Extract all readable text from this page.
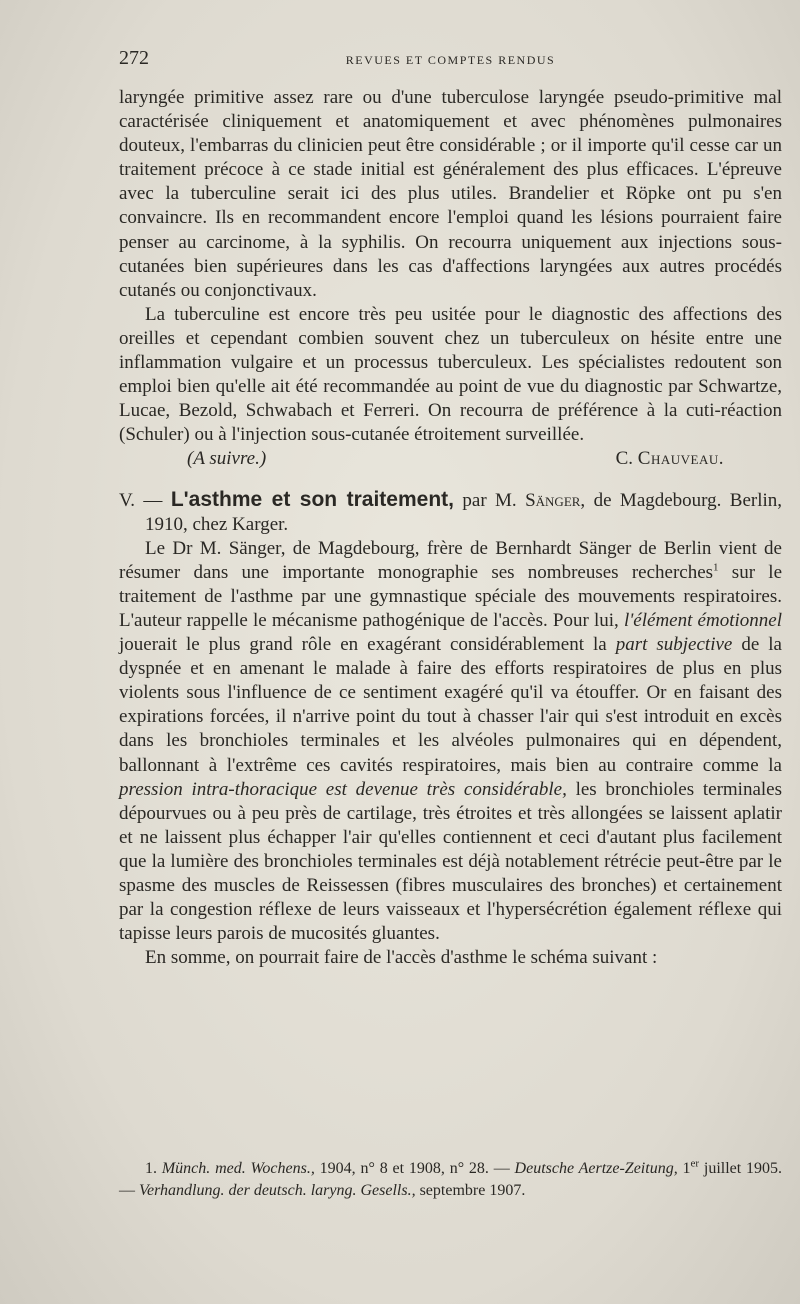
272	REVUES ET COMPTES RENDUS

laryngée primitive assez rare ou d'une tuberculose laryngée pseudo-primitive mal caractérisée cliniquement et anatomiquement et avec phénomènes pulmonaires douteux, l'embarras du clinicien peut être considérable ; or il importe qu'il cesse car un traitement précoce à ce stade initial est généralement des plus efficaces. L'épreuve avec la tuberculine serait ici des plus utiles. Brandelier et Röpke ont pu s'en convaincre. Ils en recommandent encore l'emploi quand les lésions pourraient faire penser au carcinome, à la syphilis. On recourra uniquement aux injections sous-cutanées bien supérieures dans les cas d'affections laryngées aux autres procédés cutanés ou conjonctivaux.

La tuberculine est encore très peu usitée pour le diagnostic des affections des oreilles et cependant combien souvent chez un tuberculeux on hésite entre une inflammation vulgaire et un processus tuberculeux. Les spécialistes redoutent son emploi bien qu'elle ait été recommandée au point de vue du diagnostic par Schwartze, Lucae, Bezold, Schwabach et Ferreri. On recourra de préférence à la cuti-réaction (Schuler) ou à l'injection sous-cutanée étroitement surveillée.

(A suivre.)	C. Chauveau.

V. — L'asthme et son traitement, par M. Sänger, de Magdebourg. Berlin, 1910, chez Karger.

Le Dr M. Sänger, de Magdebourg, frère de Bernhardt Sänger de Berlin vient de résumer dans une importante monographie ses nombreuses recherches$^1$ sur le traitement de l'asthme par une gymnastique spéciale des mouvements respiratoires. L'auteur rappelle le mécanisme pathogénique de l'accès. Pour lui, l'élément émotionnel jouerait le plus grand rôle en exagérant considérablement la part subjective de la dyspnée et en amenant le malade à faire des efforts respiratoires de plus en plus violents sous l'influence de ce sentiment exagéré qu'il va étouffer. Or en faisant des expirations forcées, il n'arrive point du tout à chasser l'air qui s'est introduit en excès dans les bronchioles terminales et les alvéoles pulmonaires qui en dépendent, ballonnant à l'extrême ces cavités respiratoires, mais bien au contraire comme la pression intra-thoracique est devenue très considérable, les bronchioles terminales dépourvues ou à peu près de cartilage, très étroites et très allongées se laissent aplatir et ne laissent plus échapper l'air qu'elles contiennent et ceci d'autant plus facilement que la lumière des bronchioles terminales est déjà notablement rétrécie peut-être par le spasme des muscles de Reissessen (fibres musculaires des bronches) et certainement par la congestion réflexe de leurs vaisseaux et l'hypersécrétion également réflexe qui tapisse leurs parois de mucosités gluantes.

En somme, on pourrait faire de l'accès d'asthme le schéma suivant :

1. Münch. med. Wochens., 1904, n° 8 et 1908, n° 28. — Deutsche Aertze-Zeitung, 1er juillet 1905. — Verhandlung. der deutsch. laryng. Gesells., septembre 1907.
